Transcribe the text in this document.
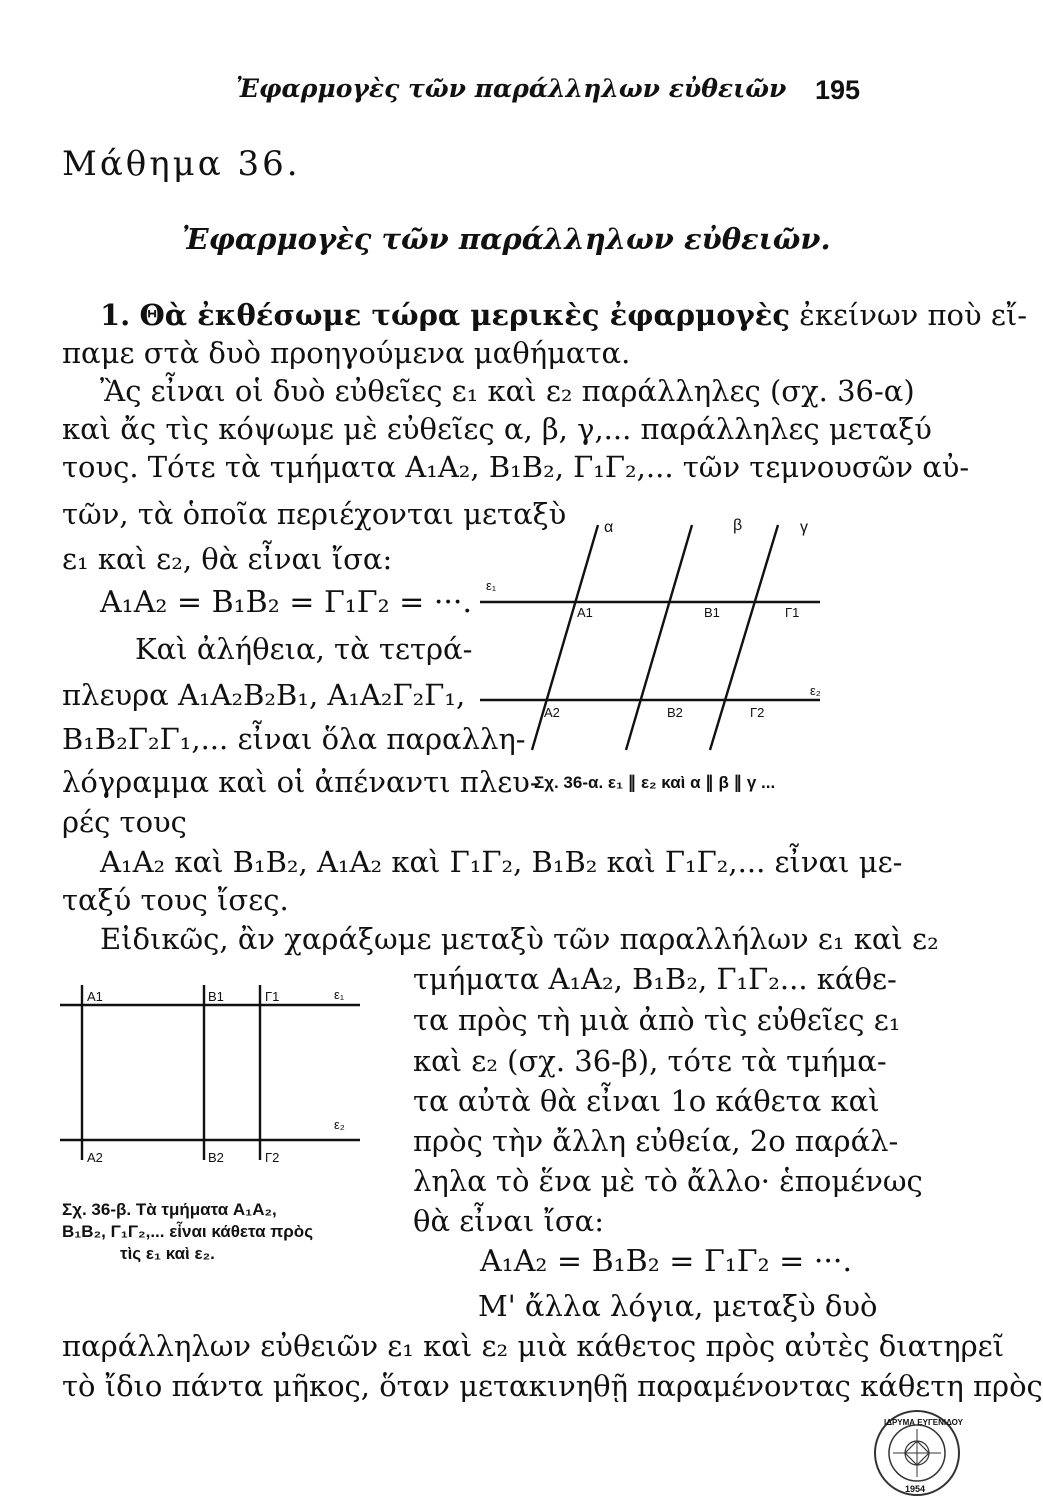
Ἐφαρμογὲς τῶν παράλληλων εὐθειῶν 195
Μάθημα 36.
Ἐφαρμογὲς τῶν παράλληλων εὐθειῶν.
1. Θὰ ἐκθέσωμε τώρα μερικὲς ἐφαρμογὲς ἐκείνων ποὺ εἴ-
παμε στὰ δυὸ προηγούμενα μαθήματα.
Ἂς εἶναι οἱ δυὸ εὐθεῖες ε₁ καὶ ε₂ παράλληλες (σχ. 36-α)
καὶ ἄς τὶς κόψωμε μὲ εὐθεῖες α, β, γ,... παράλληλες μεταξύ
τους. Τότε τὰ τμήματα A₁A₂, B₁B₂, Γ₁Γ₂,... τῶν τεμνουσῶν αὐ-
τῶν, τὰ ὁποῖα περιέχονται μεταξὺ
ε₁ καὶ ε₂, θὰ εἶναι ἴσα:
A₁A₂ = B₁B₂ = Γ₁Γ₂ = ···.
Καὶ ἀλήθεια, τὰ τετρά-
πλευρα A₁A₂B₂B₁, A₁A₂Γ₂Γ₁,
B₁B₂Γ₂Γ₁,... εἶναι ὅλα παραλλη-
λόγραμμα καὶ οἱ ἀπέναντι πλευ-
ρές τους
A₁A₂ καὶ B₁B₂, A₁A₂ καὶ Γ₁Γ₂, B₁B₂ καὶ Γ₁Γ₂,... εἶναι με-
ταξύ τους ἴσες.
α	β	γ
ε₁
ε₂
A1	B1	Γ1
A2	B2	Γ2
Σχ. 36-α. ε₁ ∥ ε₂ καὶ α ∥ β ∥ γ ...
Εἰδικῶς, ἂν χαράξωμε μεταξὺ τῶν παραλλήλων ε₁ καὶ ε₂
τμήματα A₁A₂, B₁B₂, Γ₁Γ₂... κάθε-
τα πρὸς τὴ μιὰ ἀπὸ τὶς εὐθεῖες ε₁
καὶ ε₂ (σχ. 36-β), τότε τὰ τμήμα-
τα αὐτὰ θὰ εἶναι 1ο κάθετα καὶ
πρὸς τὴν ἄλλη εὐθεία, 2ο παράλ-
ληλα τὸ ἕνα μὲ τὸ ἄλλο· ἑπομένως
θὰ εἶναι ἴσα:
A1	B1	Γ1	ε₁
ε₂
A2	B2	Γ2
Σχ. 36-β. Τὰ τμήματα A₁A₂,
B₁B₂, Γ₁Γ₂,... εἶναι κάθετα πρὸς
τὶς ε₁ καὶ ε₂.	A₁A₂ = B₁B₂ = Γ₁Γ₂ = ···.
Μ' ἄλλα λόγια, μεταξὺ δυὸ
παράλληλων εὐθειῶν ε₁ καὶ ε₂ μιὰ κάθετος πρὸς αὐτὲς διατηρεῖ
τὸ ἴδιο πάντα μῆκος, ὅταν μετακινηθῇ παραμένοντας κάθετη πρὸς
ΙΔΡΥΜΑ ΕΥΓΕΝΙΔΟΥ
1954
